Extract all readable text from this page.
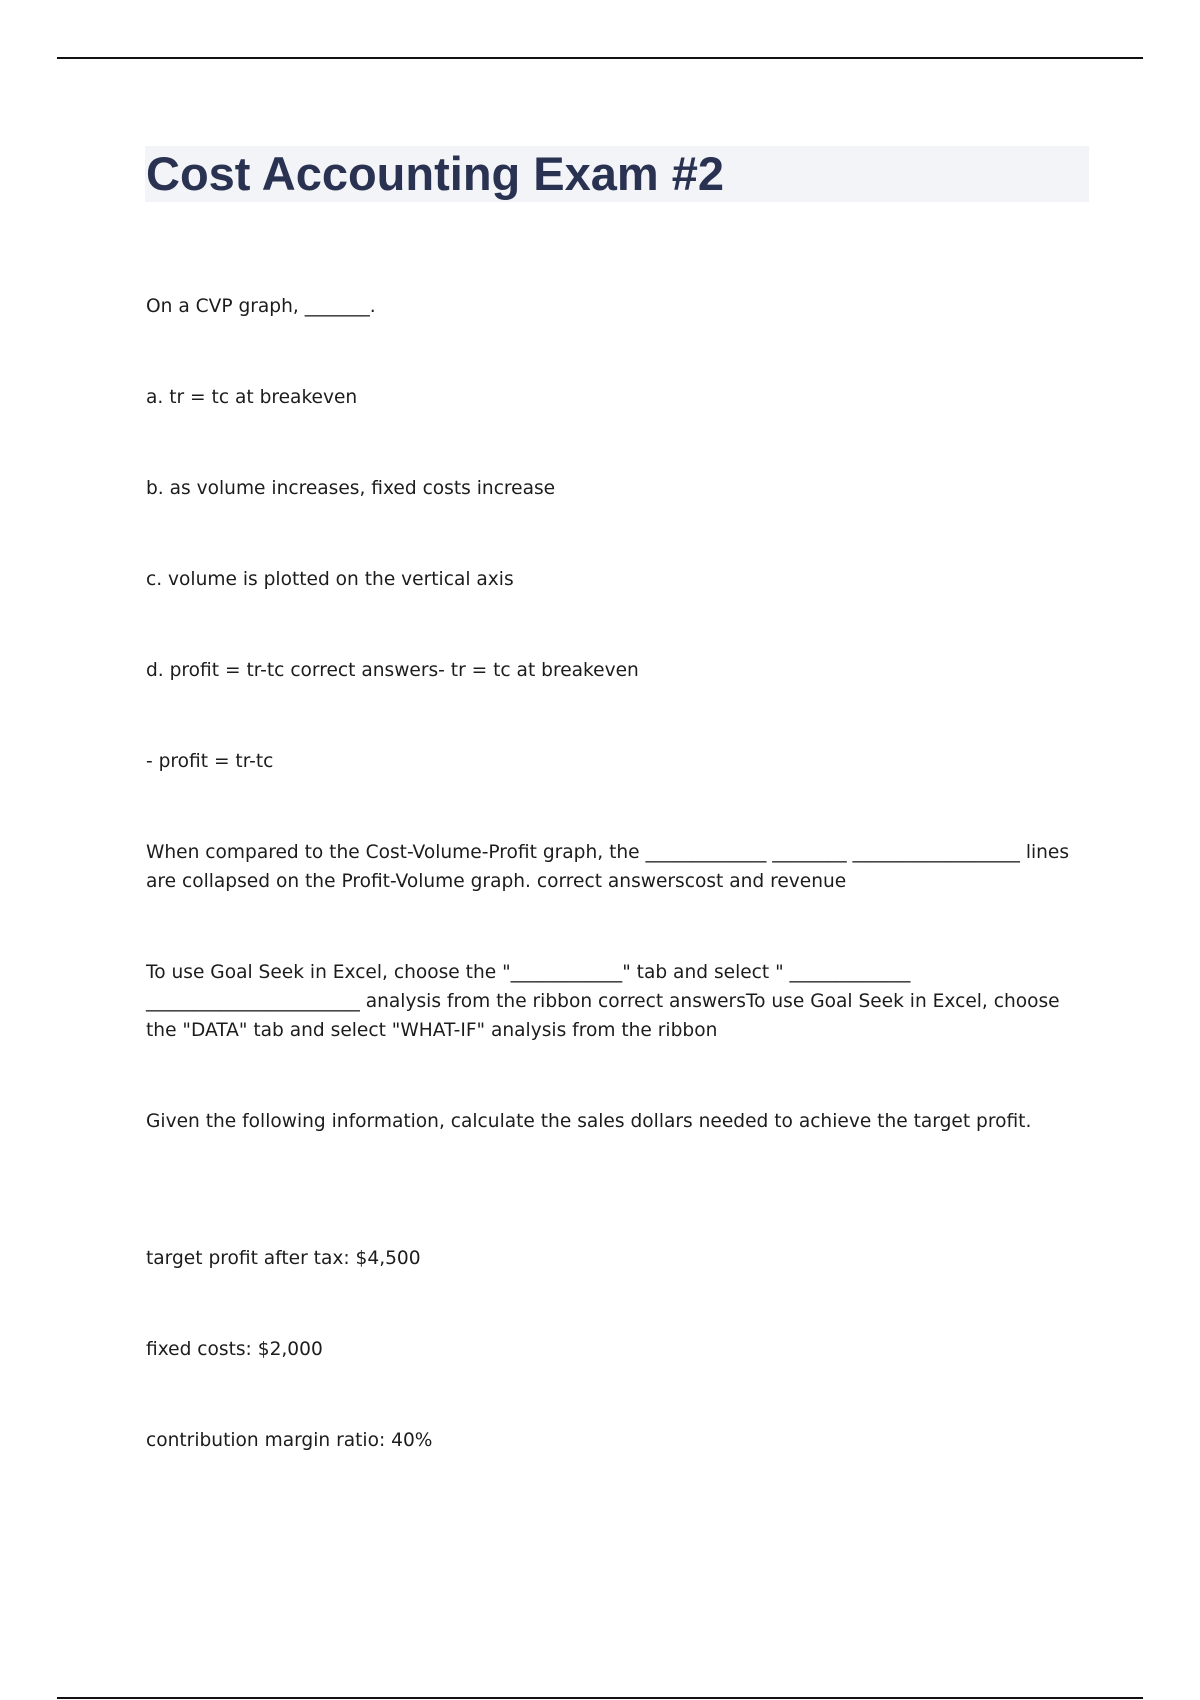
Cost Accounting Exam #2

On a CVP graph, _______.

a. tr = tc at breakeven

b. as volume increases, fixed costs increase

c. volume is plotted on the vertical axis

d. profit = tr-tc correct answers- tr = tc at breakeven

- profit = tr-tc

When compared to the Cost-Volume-Profit graph, the _____________ ________ __________________ lines are collapsed on the Profit-Volume graph. correct answerscost and revenue

To use Goal Seek in Excel, choose the "____________" tab and select " _____________ _______________________ analysis from the ribbon correct answersTo use Goal Seek in Excel, choose the "DATA" tab and select "WHAT-IF" analysis from the ribbon

Given the following information, calculate the sales dollars needed to achieve the target profit.

target profit after tax: $4,500

fixed costs: $2,000

contribution margin ratio: 40%
